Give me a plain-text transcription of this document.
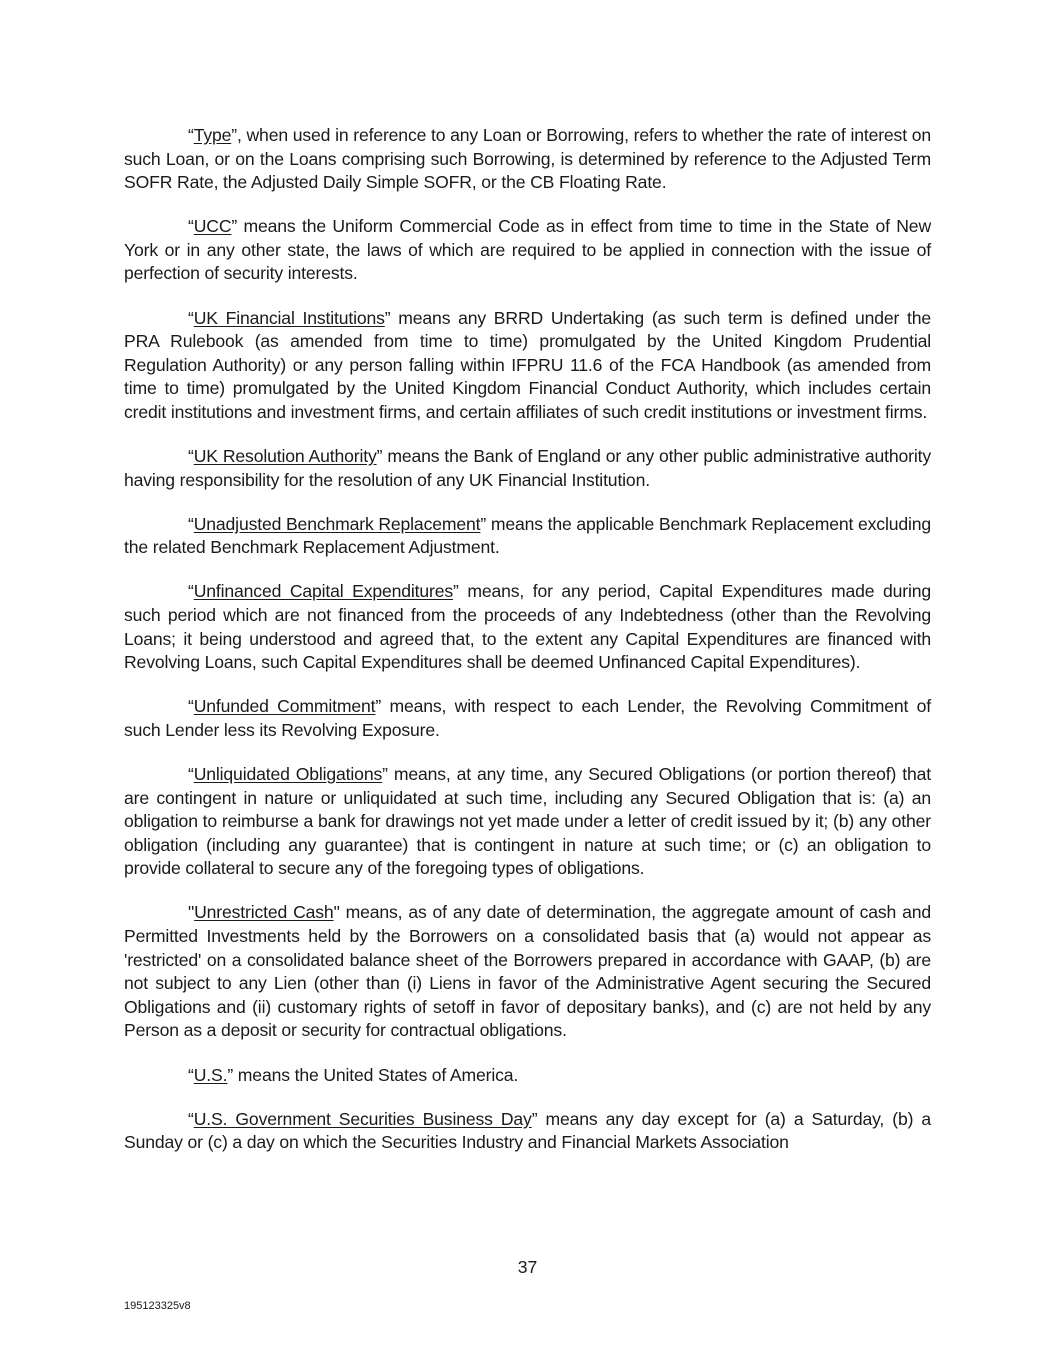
“Type”, when used in reference to any Loan or Borrowing, refers to whether the rate of interest on such Loan, or on the Loans comprising such Borrowing, is determined by reference to the Adjusted Term SOFR Rate, the Adjusted Daily Simple SOFR, or the CB Floating Rate.

“UCC” means the Uniform Commercial Code as in effect from time to time in the State of New York or in any other state, the laws of which are required to be applied in connection with the issue of perfection of security interests.

“UK Financial Institutions” means any BRRD Undertaking (as such term is defined under the PRA Rulebook (as amended from time to time) promulgated by the United Kingdom Prudential Regulation Authority) or any person falling within IFPRU 11.6 of the FCA Handbook (as amended from time to time) promulgated by the United Kingdom Financial Conduct Authority, which includes certain credit institutions and investment firms, and certain affiliates of such credit institutions or investment firms.

“UK Resolution Authority” means the Bank of England or any other public administrative authority having responsibility for the resolution of any UK Financial Institution.

“Unadjusted Benchmark Replacement” means the applicable Benchmark Replacement excluding the related Benchmark Replacement Adjustment.

“Unfinanced Capital Expenditures” means, for any period, Capital Expenditures made during such period which are not financed from the proceeds of any Indebtedness (other than the Revolving Loans; it being understood and agreed that, to the extent any Capital Expenditures are financed with Revolving Loans, such Capital Expenditures shall be deemed Unfinanced Capital Expenditures).

“Unfunded Commitment” means, with respect to each Lender, the Revolving Commitment of such Lender less its Revolving Exposure.

“Unliquidated Obligations” means, at any time, any Secured Obligations (or portion thereof) that are contingent in nature or unliquidated at such time, including any Secured Obligation that is: (a) an obligation to reimburse a bank for drawings not yet made under a letter of credit issued by it; (b) any other obligation (including any guarantee) that is contingent in nature at such time; or (c) an obligation to provide collateral to secure any of the foregoing types of obligations.

"Unrestricted Cash" means, as of any date of determination, the aggregate amount of cash and Permitted Investments held by the Borrowers on a consolidated basis that (a) would not appear as 'restricted' on a consolidated balance sheet of the Borrowers prepared in accordance with GAAP, (b) are not subject to any Lien (other than (i) Liens in favor of the Administrative Agent securing the Secured Obligations and (ii) customary rights of setoff in favor of depositary banks), and (c) are not held by any Person as a deposit or security for contractual obligations.

“U.S.” means the United States of America.

“U.S. Government Securities Business Day” means any day except for (a) a Saturday, (b) a Sunday or (c) a day on which the Securities Industry and Financial Markets Association

37
195123325v8
